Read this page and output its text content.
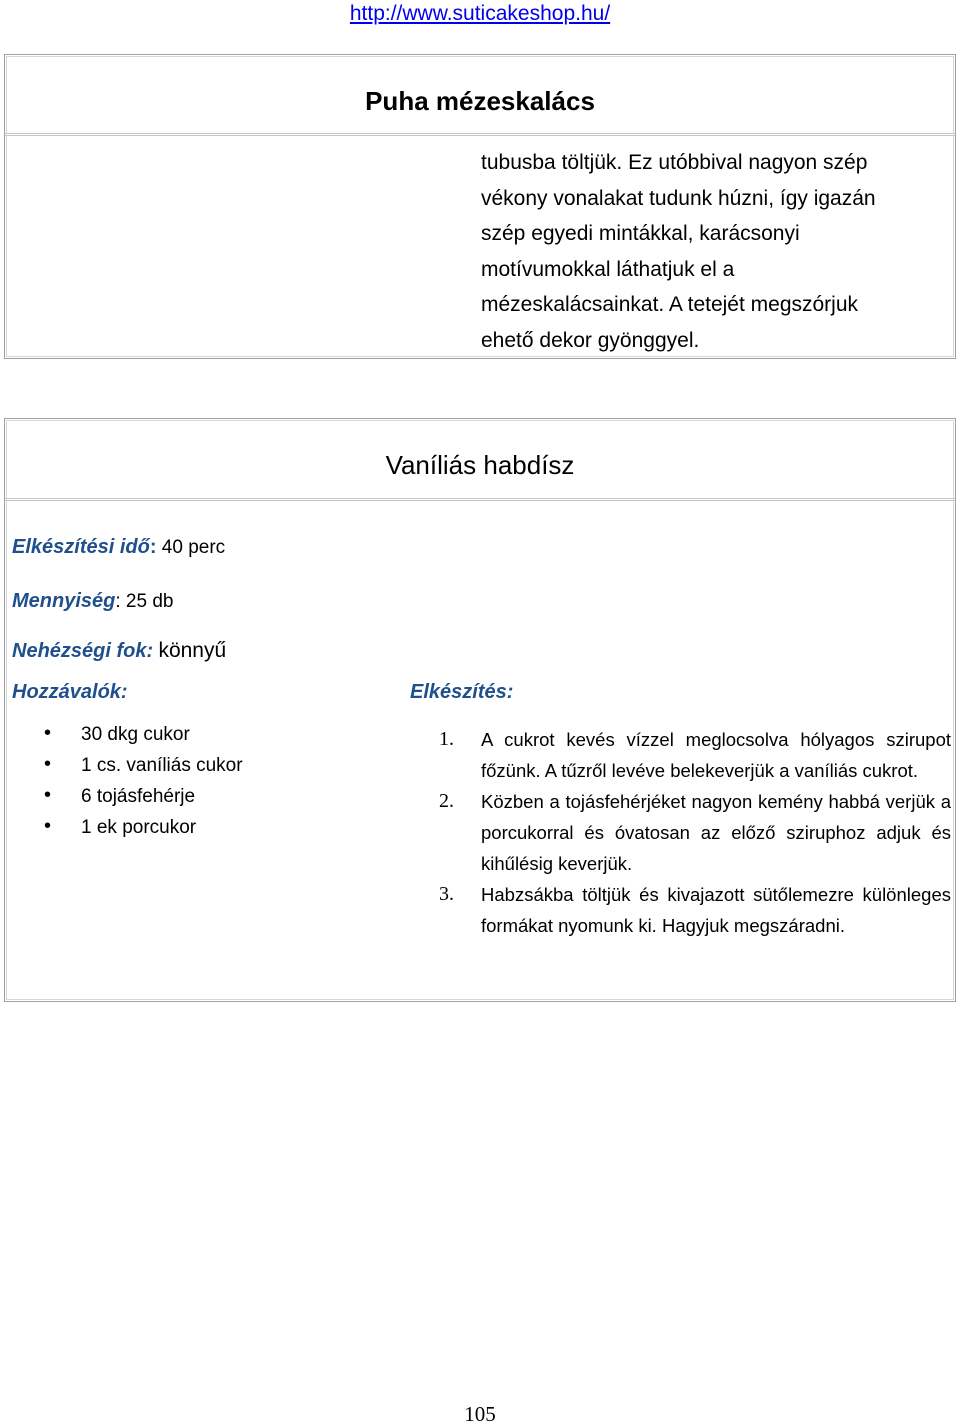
http://www.suticakeshop.hu/
Puha mézeskalács
tubusba töltjük. Ez utóbbival nagyon szép
vékony vonalakat tudunk húzni, így igazán
szép egyedi mintákkal, karácsonyi
motívumokkal láthatjuk el a
mézeskalácsainkat. A tetejét megszórjuk
ehető dekor gyönggyel.
Vaníliás habdísz
Elkészítési idő: 40 perc
Mennyiség: 25 db
Nehézségi fok: könnyű
Hozzávalók:	Elkészítés:
• 30 dkg cukor
• 1 cs. vaníliás cukor
• 6 tojásfehérje
• 1 ek porcukor
1. A cukrot kevés vízzel meglocsolva hólyagos szirupot főzünk. A tűzről levéve belekeverjük a vaníliás cukrot.
2. Közben a tojásfehérjéket nagyon kemény habbá verjük a porcukorral és óvatosan az előző sziruphoz adjuk és kihűlésig keverjük.
3. Habzsákba töltjük és kivajazott sütőlemezre különleges formákat nyomunk ki. Hagyjuk megszáradni.
105
